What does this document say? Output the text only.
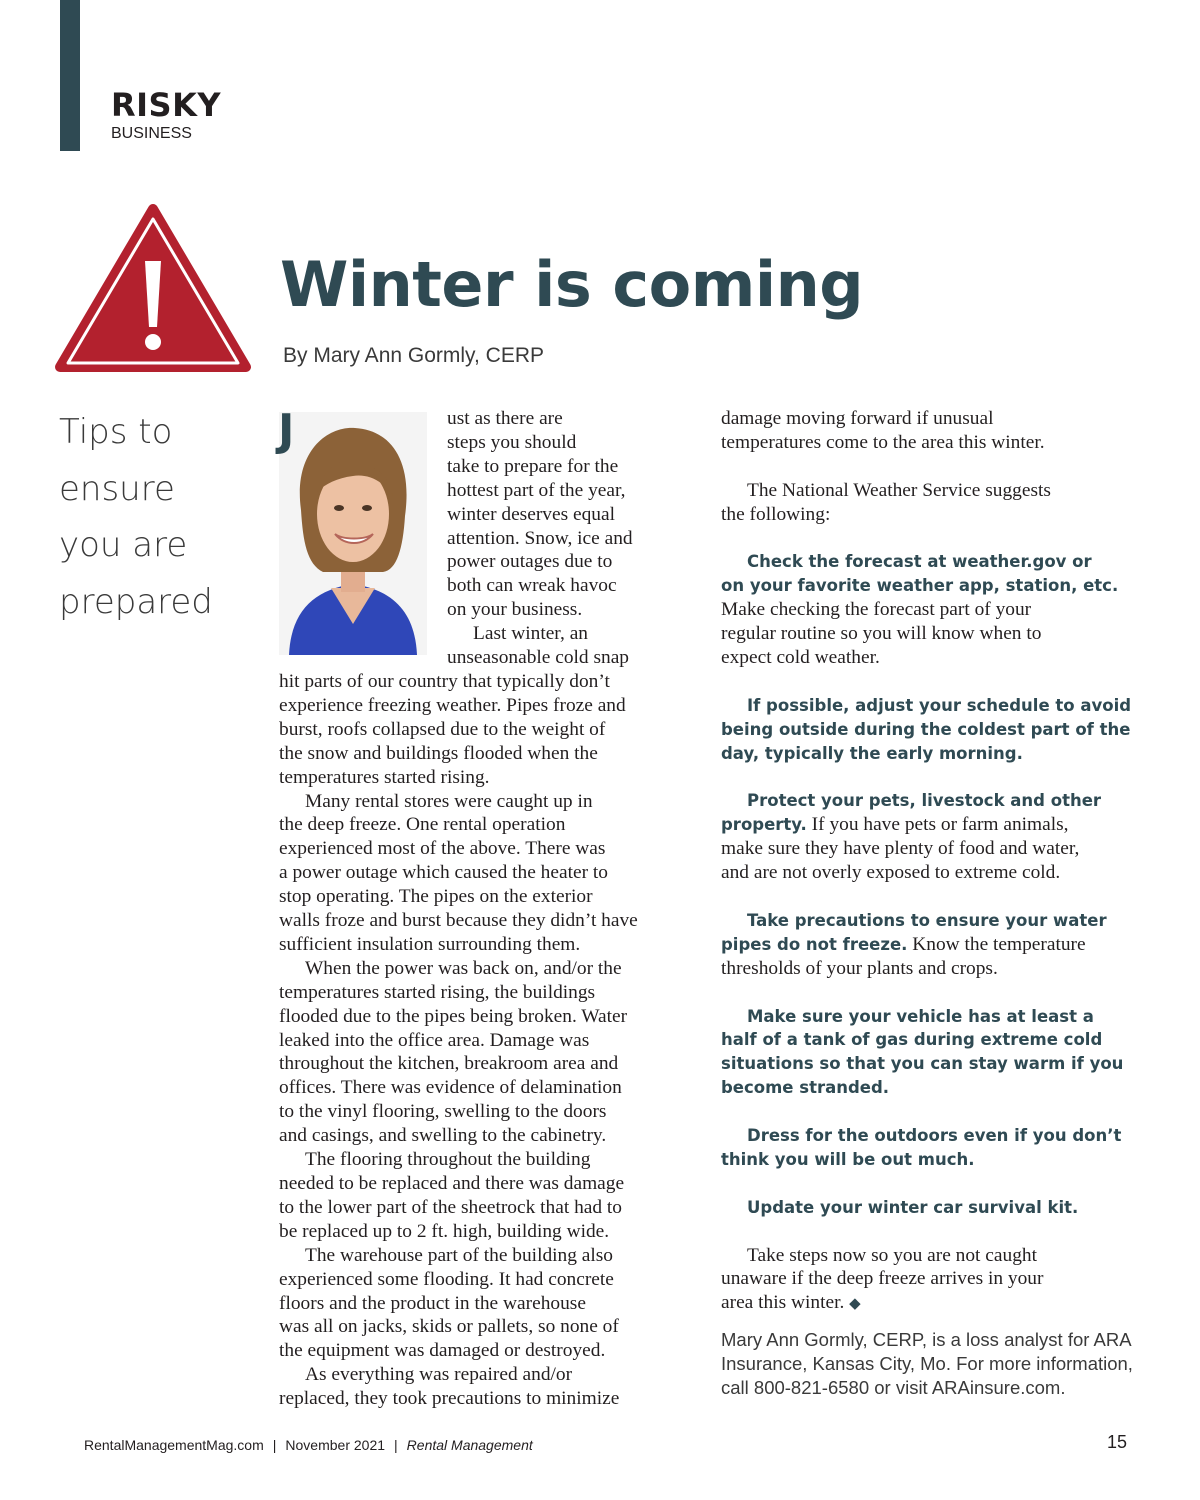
RISKY
BUSINESS
Winter is coming
By Mary Ann Gormly, CERP
Tips to
ensure
you are
prepared
J	ust as there are
steps you should
take to prepare for the
hottest part of the year,
winter deserves equal
attention. Snow, ice and
power outages due to
both can wreak havoc
on your business.
Last winter, an
unseasonable cold snap
hit parts of our country that typically don’t
experience freezing weather. Pipes froze and
burst, roofs collapsed due to the weight of
the snow and buildings flooded when the
temperatures started rising.
Many rental stores were caught up in
the deep freeze. One rental operation
experienced most of the above. There was
a power outage which caused the heater to
stop operating. The pipes on the exterior
walls froze and burst because they didn’t have
sufficient insulation surrounding them.
When the power was back on, and/or the
temperatures started rising, the buildings
flooded due to the pipes being broken. Water
leaked into the office area. Damage was
throughout the kitchen, breakroom area and
offices. There was evidence of delamination
to the vinyl flooring, swelling to the doors
and casings, and swelling to the cabinetry.
The flooring throughout the building
needed to be replaced and there was damage
to the lower part of the sheetrock that had to
be replaced up to 2 ft. high, building wide.
The warehouse part of the building also
experienced some flooding. It had concrete
floors and the product in the warehouse
was all on jacks, skids or pallets, so none of
the equipment was damaged or destroyed.
As everything was repaired and/or
replaced, they took precautions to minimize
damage moving forward if unusual
temperatures come to the area this winter.
The National Weather Service suggests
the following:
Check the forecast at weather.gov or
on your favorite weather app, station, etc.
Make checking the forecast part of your
regular routine so you will know when to
expect cold weather.
If possible, adjust your schedule to avoid
being outside during the coldest part of the
day, typically the early morning.
Protect your pets, livestock and other
property. If you have pets or farm animals,
make sure they have plenty of food and water,
and are not overly exposed to extreme cold.
Take precautions to ensure your water
pipes do not freeze. Know the temperature
thresholds of your plants and crops.
Make sure your vehicle has at least a
half of a tank of gas during extreme cold
situations so that you can stay warm if you
become stranded.
Dress for the outdoors even if you don’t
think you will be out much.
Update your winter car survival kit.
Take steps now so you are not caught
unaware if the deep freeze arrives in your
area this winter. ◆
Mary Ann Gormly, CERP, is a loss analyst for ARA
Insurance, Kansas City, Mo. For more information,
call 800-821-6580 or visit ARAinsure.com.
RentalManagementMag.com | November 2021 | Rental Management	15
